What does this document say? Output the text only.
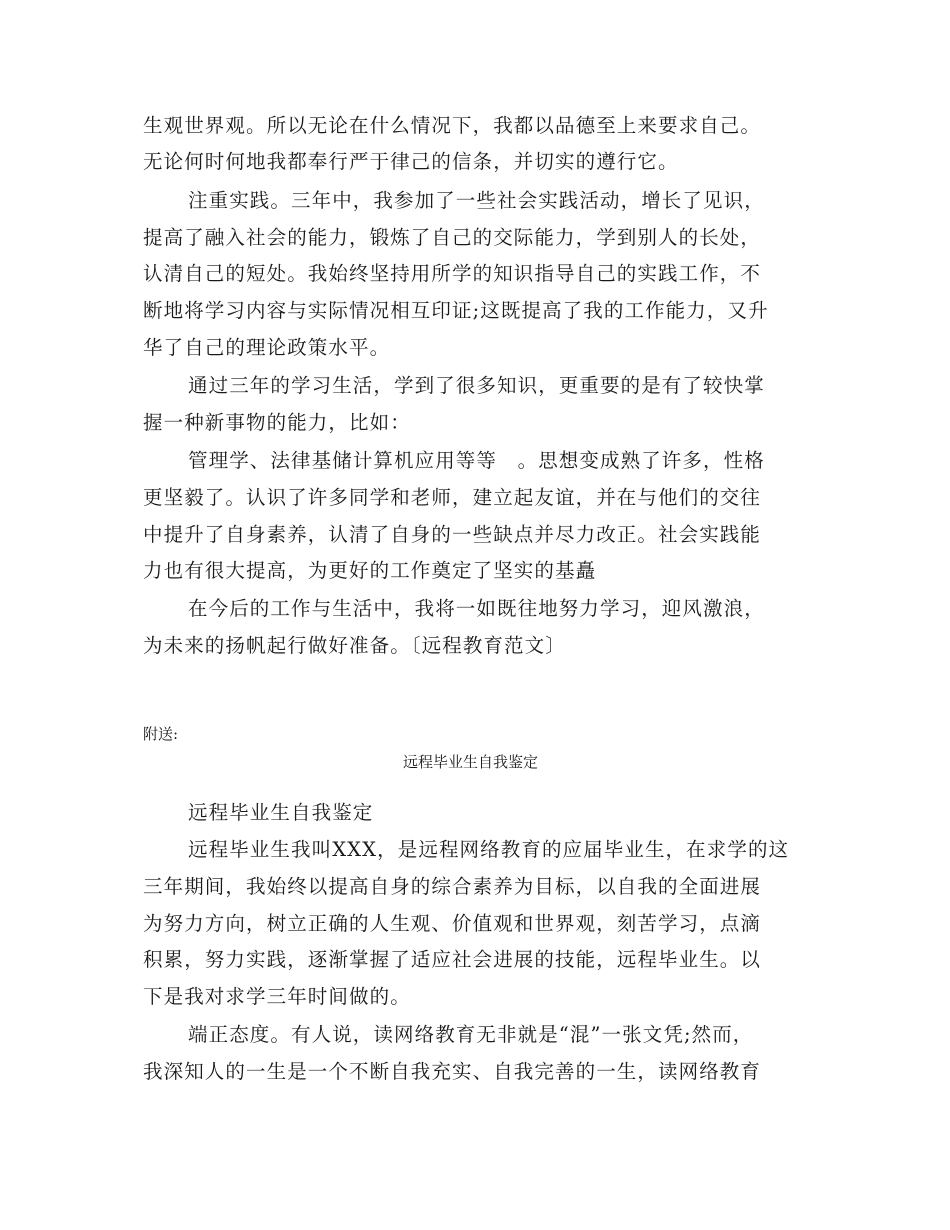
生观世界观。所以无论在什么情况下，我都以品德至上来要求自己。
无论何时何地我都奉行严于律己的信条，并切实的遵行它。
注重实践。三年中，我参加了一些社会实践活动，增长了见识，
提高了融入社会的能力，锻炼了自己的交际能力，学到别人的长处，
认清自己的短处。我始终坚持用所学的知识指导自己的实践工作，不
断地将学习内容与实际情况相互印证;这既提高了我的工作能力，又升
华了自己的理论政策水平。
通过三年的学习生活，学到了很多知识，更重要的是有了较快掌
握一种新事物的能力，比如：
管理学、法律基储计算机应用等等　。思想变成熟了许多，性格
更坚毅了。认识了许多同学和老师，建立起友谊，并在与他们的交往
中提升了自身素养，认清了自身的一些缺点并尽力改正。社会实践能
力也有很大提高，为更好的工作奠定了坚实的基矗
在今后的工作与生活中，我将一如既往地努力学习，迎风激浪，
为未来的扬帆起行做好准备。〔远程教育范文〕
附送:
远程毕业生自我鉴定
远程毕业生自我鉴定
远程毕业生我叫XXX，是远程网络教育的应届毕业生，在求学的这
三年期间，我始终以提高自身的综合素养为目标，以自我的全面进展
为努力方向，树立正确的人生观、价值观和世界观，刻苦学习，点滴
积累，努力实践，逐渐掌握了适应社会进展的技能，远程毕业生。以
下是我对求学三年时间做的。
端正态度。有人说，读网络教育无非就是“混”一张文凭;然而，
我深知人的一生是一个不断自我充实、自我完善的一生，读网络教育
